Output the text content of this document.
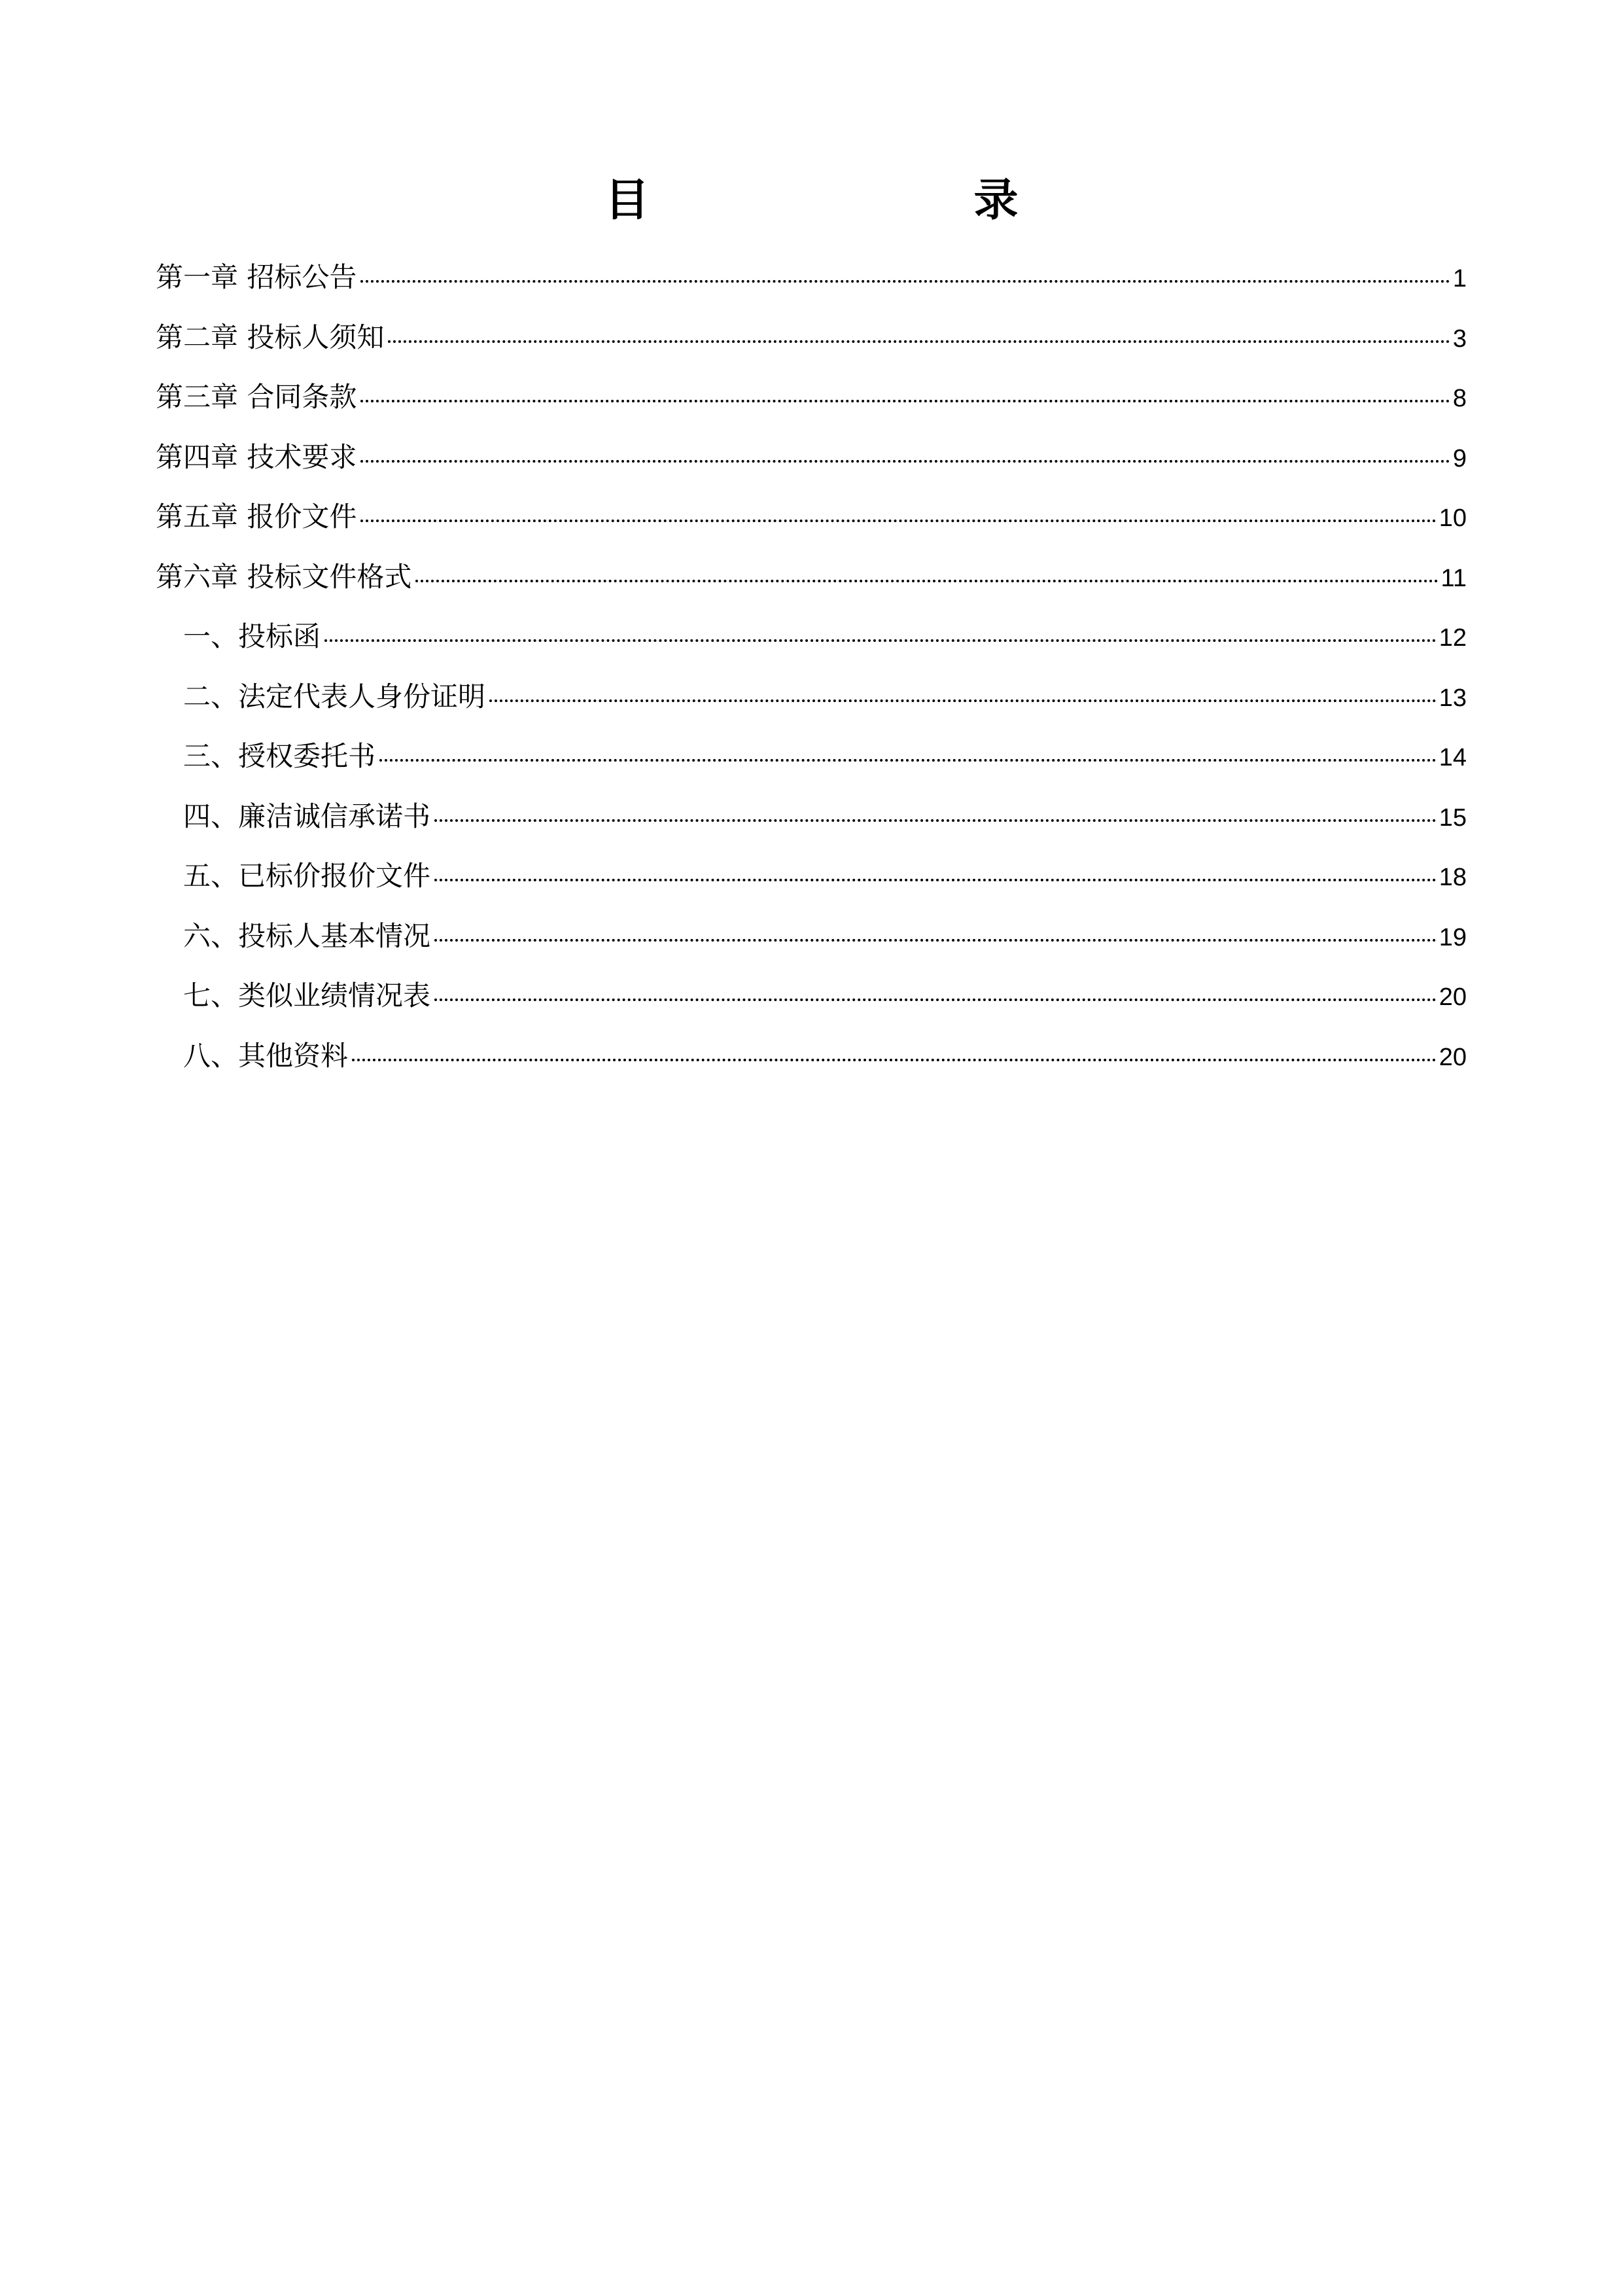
目　　录
第一章 招标公告	1
第二章 投标人须知	3
第三章 合同条款	8
第四章 技术要求	9
第五章 报价文件	10
第六章 投标文件格式	11
一、投标函	12
二、法定代表人身份证明	13
三、授权委托书	14
四、廉洁诚信承诺书	15
五、已标价报价文件	18
六、投标人基本情况	19
七、类似业绩情况表	20
八、其他资料	20
